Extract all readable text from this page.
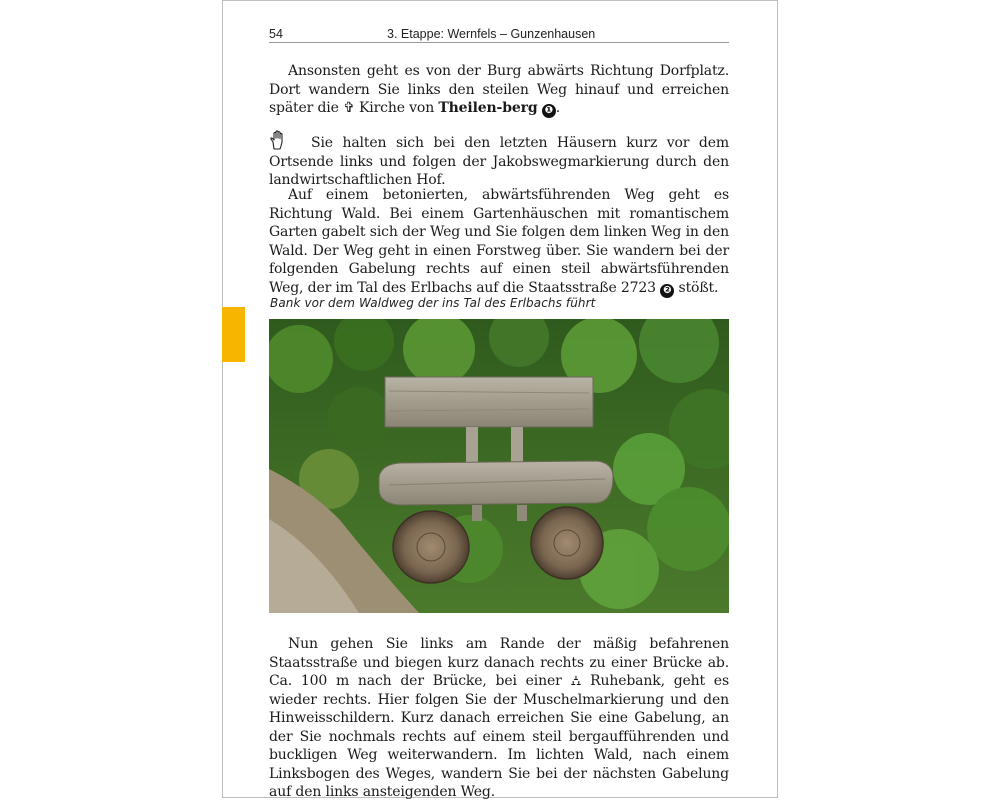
54	3. Etappe: Wernfels – Gunzenhausen

Ansonsten geht es von der Burg abwärts Richtung Dorfplatz. Dort wandern Sie links den steilen Weg hinauf und erreichen später die ✞ Kirche von Theilen-berg ❶ .

Sie halten sich bei den letzten Häusern kurz vor dem Ortsende links und folgen der Jakobswegmarkierung durch den landwirtschaftlichen Hof.

Auf einem betonierten, abwärtsführenden Weg geht es Richtung Wald. Bei einem Gartenhäuschen mit romantischem Garten gabelt sich der Weg und Sie folgen dem linken Weg in den Wald. Der Weg geht in einen Forstweg über. Sie wandern bei der folgenden Gabelung rechts auf einen steil abwärtsführenden Weg, der im Tal des Erlbachs auf die Staatsstraße 2723 ❷ stößt.

Bank vor dem Waldweg der ins Tal des Erlbachs führt

Nun gehen Sie links am Rande der mäßig befahrenen Staatsstraße und biegen kurz danach rechts zu einer Brücke ab. Ca. 100 m nach der Brücke, bei einer ⛼ Ruhebank, geht es wieder rechts. Hier folgen Sie der Muschelmarkierung und den Hinweisschildern. Kurz danach erreichen Sie eine Gabelung, an der Sie nochmals rechts auf einem steil bergaufführenden und buckligen Weg weiterwandern. Im lichten Wald, nach einem Linksbogen des Weges, wandern Sie bei der nächsten Gabelung auf den links ansteigenden Weg.
